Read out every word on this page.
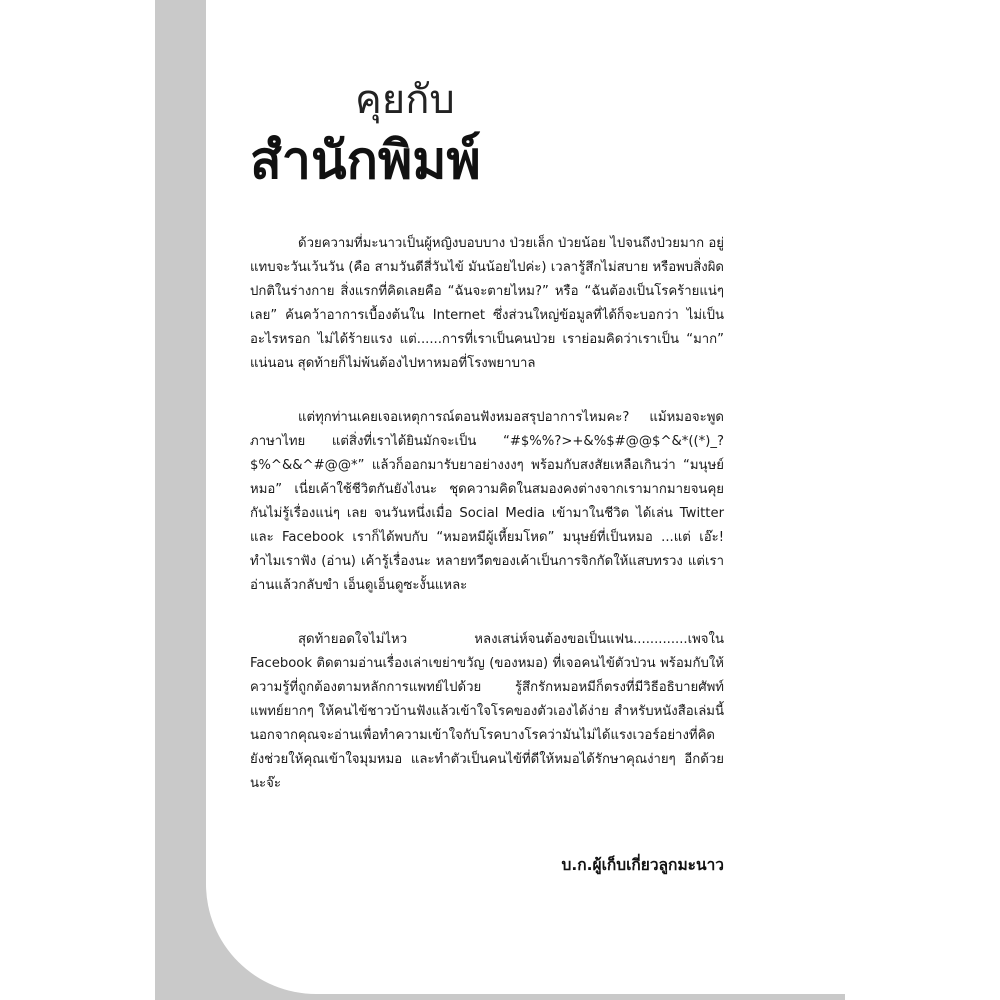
คุยกับ
สำนักพิมพ์

ด้วยความที่มะนาวเป็นผู้หญิงบอบบาง ป่วยเล็ก ป่วยน้อย ไปจนถึงป่วยมาก อยู่แทบจะวันเว้นวัน (คือ สามวันดีสี่วันไข้ มันน้อยไปค่ะ) เวลารู้สึกไม่สบาย หรือพบสิ่งผิดปกติในร่างกาย สิ่งแรกที่คิดเลยคือ “ฉันจะตายไหม?” หรือ “ฉันต้องเป็นโรคร้ายแน่ๆ เลย” ค้นคว้าอาการเบื้องต้นใน Internet ซึ่งส่วนใหญ่ข้อมูลที่ได้ก็จะบอกว่า ไม่เป็นอะไรหรอก ไม่ได้ร้ายแรง แต่......การที่เราเป็นคนป่วย เราย่อมคิดว่าเราเป็น “มาก” แน่นอน สุดท้ายก็ไม่พ้นต้องไปหาหมอที่โรงพยาบาล

แต่ทุกท่านเคยเจอเหตุการณ์ตอนฟังหมอสรุปอาการไหมคะ? แม้หมอจะพูดภาษาไทย แต่สิ่งที่เราได้ยินมักจะเป็น “#$%%?>+&%$#@@$^&*((*)_?$%^&&^#@@*” แล้วก็ออกมารับยาอย่างงงๆ พร้อมกับสงสัยเหลือเกินว่า “มนุษย์หมอ” เนี่ยเค้าใช้ชีวิตกันยังไงนะ ชุดความคิดในสมองคงต่างจากเรามากมายจนคุยกันไม่รู้เรื่องแน่ๆ เลย จนวันหนึ่งเมื่อ Social Media เข้ามาในชีวิต ได้เล่น Twitter และ Facebook เราก็ได้พบกับ “หมอหมีผู้เหี้ยมโหด” มนุษย์ที่เป็นหมอ ...แต่ เอ๊ะ! ทำไมเราฟัง (อ่าน) เค้ารู้เรื่องนะ หลายทวีตของเค้าเป็นการจิกกัดให้แสบทรวง แต่เราอ่านแล้วกลับขำ เอ็นดูเอ็นดูซะงั้นแหละ

สุดท้ายอดใจไม่ไหว หลงเสน่ห์จนต้องขอเป็นแฟน.............เพจใน Facebook ติดตามอ่านเรื่องเล่าเขย่าขวัญ (ของหมอ) ที่เจอคนไข้ตัวป่วน พร้อมกับให้ความรู้ที่ถูกต้องตามหลักการแพทย์ไปด้วย รู้สึกรักหมอหมีก็ตรงที่มีวิธีอธิบายศัพท์แพทย์ยากๆ ให้คนไข้ชาวบ้านฟังแล้วเข้าใจโรคของตัวเองได้ง่าย สำหรับหนังสือเล่มนี้ นอกจากคุณจะอ่านเพื่อทำความเข้าใจกับโรคบางโรคว่ามันไม่ได้แรงเวอร์อย่างที่คิด ยังช่วยให้คุณเข้าใจมุมหมอ และทำตัวเป็นคนไข้ที่ดีให้หมอได้รักษาคุณง่ายๆ อีกด้วยนะจ๊ะ

บ.ก.ผู้เก็บเกี่ยวลูกมะนาว
